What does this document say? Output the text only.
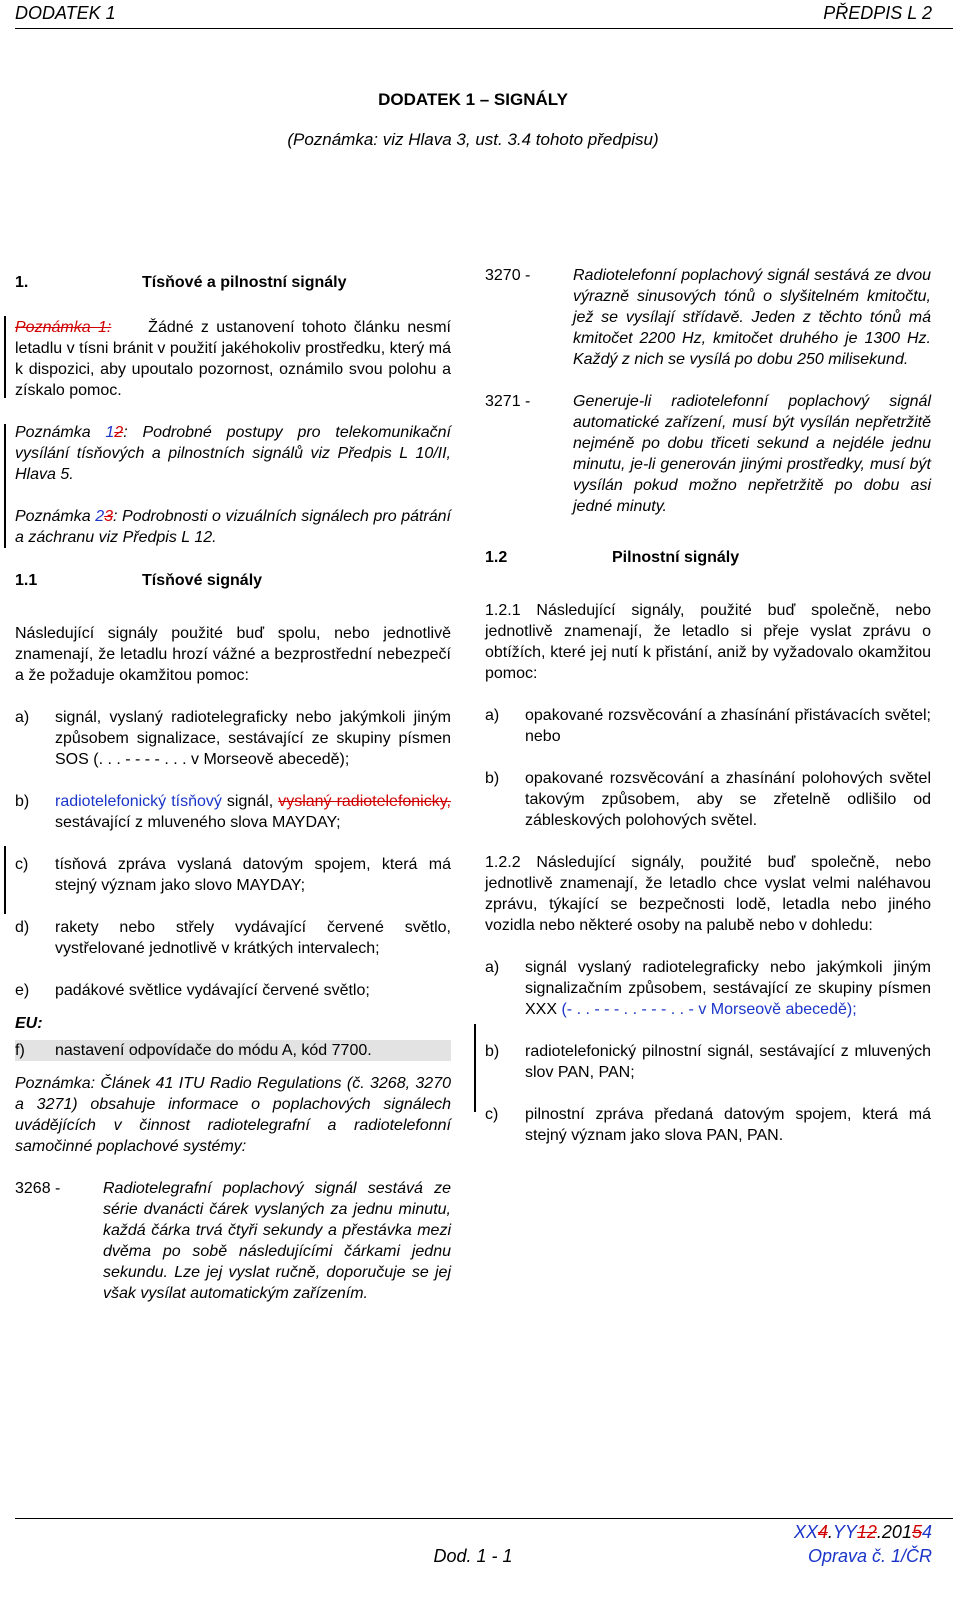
DODATEK 1	PŘEDPIS L 2
DODATEK 1 – SIGNÁLY
(Poznámka: viz Hlava 3, ust. 3.4 tohoto předpisu)
1.	Tísňové a pilnostní signály
Poznámka 1: Žádné z ustanovení tohoto článku nesmí letadlu v tísni bránit v použití jakéhokoliv prostředku, který má k dispozici, aby upoutalo pozornost, oznámilo svou polohu a získalo pomoc.
Poznámka 12: Podrobné postupy pro telekomunikační vysílání tísňových a pilnostních signálů viz Předpis L 10/II, Hlava 5.
Poznámka 23: Podrobnosti o vizuálních signálech pro pátrání a záchranu viz Předpis L 12.
1.1	Tísňové signály
Následující signály použité buď spolu, nebo jednotlivě znamenají, že letadlu hrozí vážné a bezprostřední nebezpečí a že požaduje okamžitou pomoc:
a) signál, vyslaný radiotelegraficky nebo jakýmkoli jiným způsobem signalizace, sestávající ze skupiny písmen SOS (. . . - - - - . . . v Morseově abecedě);
b) radiotelefonický tísňový signál, vyslaný radiotelefonicky, sestávající z mluveného slova MAYDAY;
c) tísňová zpráva vyslaná datovým spojem, která má stejný význam jako slovo MAYDAY;
d) rakety nebo střely vydávající červené světlo, vystřelované jednotlivě v krátkých intervalech;
e) padákové světlice vydávající červené světlo;
EU:
f) nastavení odpovídače do módu A, kód 7700.
Poznámka: Článek 41 ITU Radio Regulations (č. 3268, 3270 a 3271) obsahuje informace o poplachových signálech uvádějících v činnost radiotelegrafní a radiotelefonní samočinné poplachové systémy:
3268 -	Radiotelegrafní poplachový signál sestává ze série dvanácti čárek vyslaných za jednu minutu, každá čárka trvá čtyři sekundy a přestávka mezi dvěma po sobě následujícími čárkami jednu sekundu. Lze jej vyslat ručně, doporučuje se jej však vysílat automatickým zařízením.
3270 -	Radiotelefonní poplachový signál sestává ze dvou výrazně sinusových tónů o slyšitelném kmitočtu, jež se vysílají střídavě. Jeden z těchto tónů má kmitočet 2200 Hz, kmitočet druhého je 1300 Hz. Každý z nich se vysílá po dobu 250 milisekund.
3271 -	Generuje-li radiotelefonní poplachový signál automatické zařízení, musí být vysílán nepřetržitě nejméně po dobu třiceti sekund a nejdéle jednu minutu, je-li generován jinými prostředky, musí být vysílán pokud možno nepřetržitě po dobu asi jedné minuty.
1.2	Pilnostní signály
1.2.1 Následující signály, použité buď společně, nebo jednotlivě znamenají, že letadlo si přeje vyslat zprávu o obtížích, které jej nutí k přistání, aniž by vyžadovalo okamžitou pomoc:
a) opakované rozsvěcování a zhasínání přistávacích světel; nebo
b) opakované rozsvěcování a zhasínání polohových světel takovým způsobem, aby se zřetelně odlišilo od zábleskových polohových světel.
1.2.2 Následující signály, použité buď společně, nebo jednotlivě znamenají, že letadlo chce vyslat velmi naléhavou zprávu, týkající se bezpečnosti lodě, letadla nebo jiného vozidla nebo některé osoby na palubě nebo v dohledu:
a) signál vyslaný radiotelegraficky nebo jakýmkoli jiným signalizačním způsobem, sestávající ze skupiny písmen XXX (- . . - - - . . - - - . . - v Morseově abecedě);
b) radiotelefonický pilnostní signál, sestávající z mluvených slov PAN, PAN;
c) pilnostní zpráva předaná datovým spojem, která má stejný význam jako slova PAN, PAN.
XX4.YY12.20154
Dod. 1 - 1	Oprava č. 1/ČR
